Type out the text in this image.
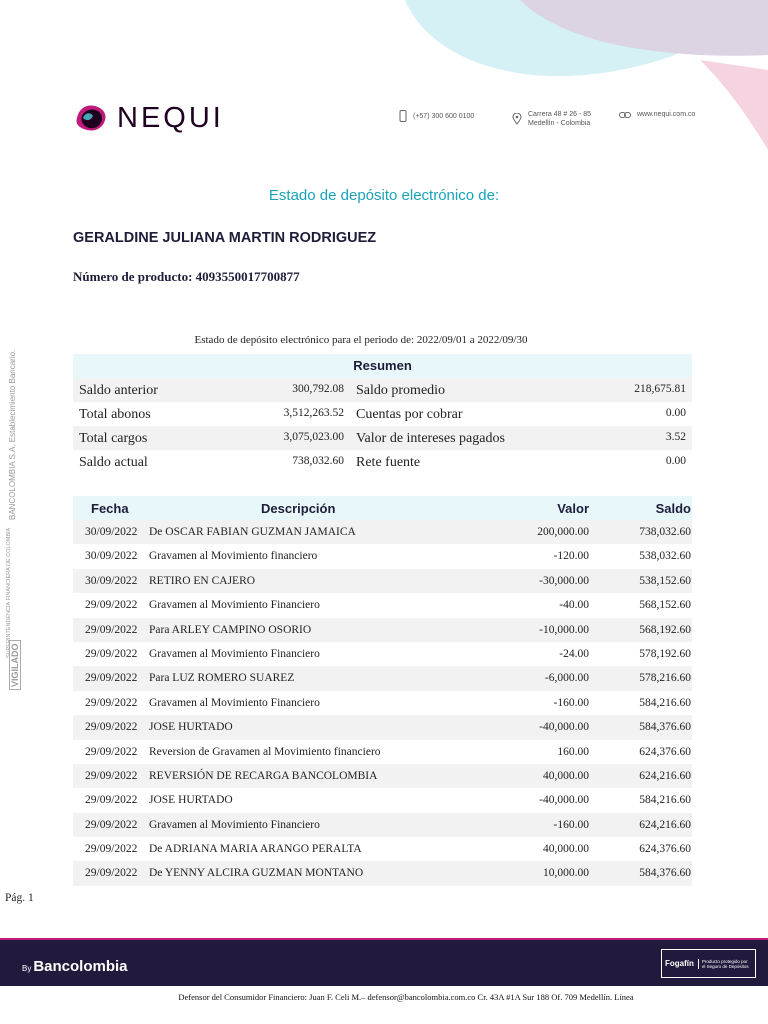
NEQUI	(+57) 300 600 0100	Carrera 48 # 26 - 85
Medellín - Colombia
www.nequi.com.co
Estado de depósito electrónico de:
GERALDINE JULIANA MARTIN RODRIGUEZ
Número de producto: 4093550017700877
Estado de depósito electrónico para el periodo de: 2022/09/01 a 2022/09/30
Resumen
Saldo anterior	300,792.08 Saldo promedio	218,675.81
Total abonos	3,512,263.52 Cuentas por cobrar	0.00
Total cargos	3,075,023.00 Valor de intereses pagados	3.52
Saldo actual	738,032.60 Rete fuente	0.00
Fecha	Descripción	Valor	Saldo
30/09/2022 De OSCAR FABIAN GUZMAN JAMAICA	200,000.00	738,032.60
30/09/2022 Gravamen al Movimiento financiero	-120.00	538,032.60
30/09/2022 RETIRO EN CAJERO	-30,000.00	538,152.60
29/09/2022 Gravamen al Movimiento Financiero	-40.00	568,152.60
29/09/2022 Para ARLEY CAMPINO OSORIO	-10,000.00	568,192.60
29/09/2022 Gravamen al Movimiento Financiero	-24.00	578,192.60
29/09/2022 Para LUZ ROMERO SUAREZ	-6,000.00	578,216.60
29/09/2022 Gravamen al Movimiento Financiero	-160.00	584,216.60
29/09/2022 JOSE HURTADO	-40,000.00	584,376.60
29/09/2022 Reversion de Gravamen al Movimiento financiero	160.00	624,376.60
29/09/2022 REVERSIÓN DE RECARGA BANCOLOMBIA	40,000.00	624,216.60
29/09/2022 JOSE HURTADO	-40,000.00	584,216.60
29/09/2022 Gravamen al Movimiento Financiero	-160.00	624,216.60
29/09/2022 De ADRIANA MARIA ARANGO PERALTA	40,000.00	624,376.60
29/09/2022 De YENNY ALCIRA GUZMAN MONTANO	10,000.00	584,376.60
BANCOLOMBIA S.A. Establecimiento Bancario.
SUPERINTENDENCIA FINANCIERA DE COLOMBIA
VIGILADO
Pág. 1
By Bancolombia	Fogafín	Producto protegido por el Seguro de Depósitos
Defensor del Consumidor Financiero: Juan F. Celi M.– defensor@bancolombia.com.co Cr. 43A #1A Sur 188 Of. 709 Medellín. Línea
